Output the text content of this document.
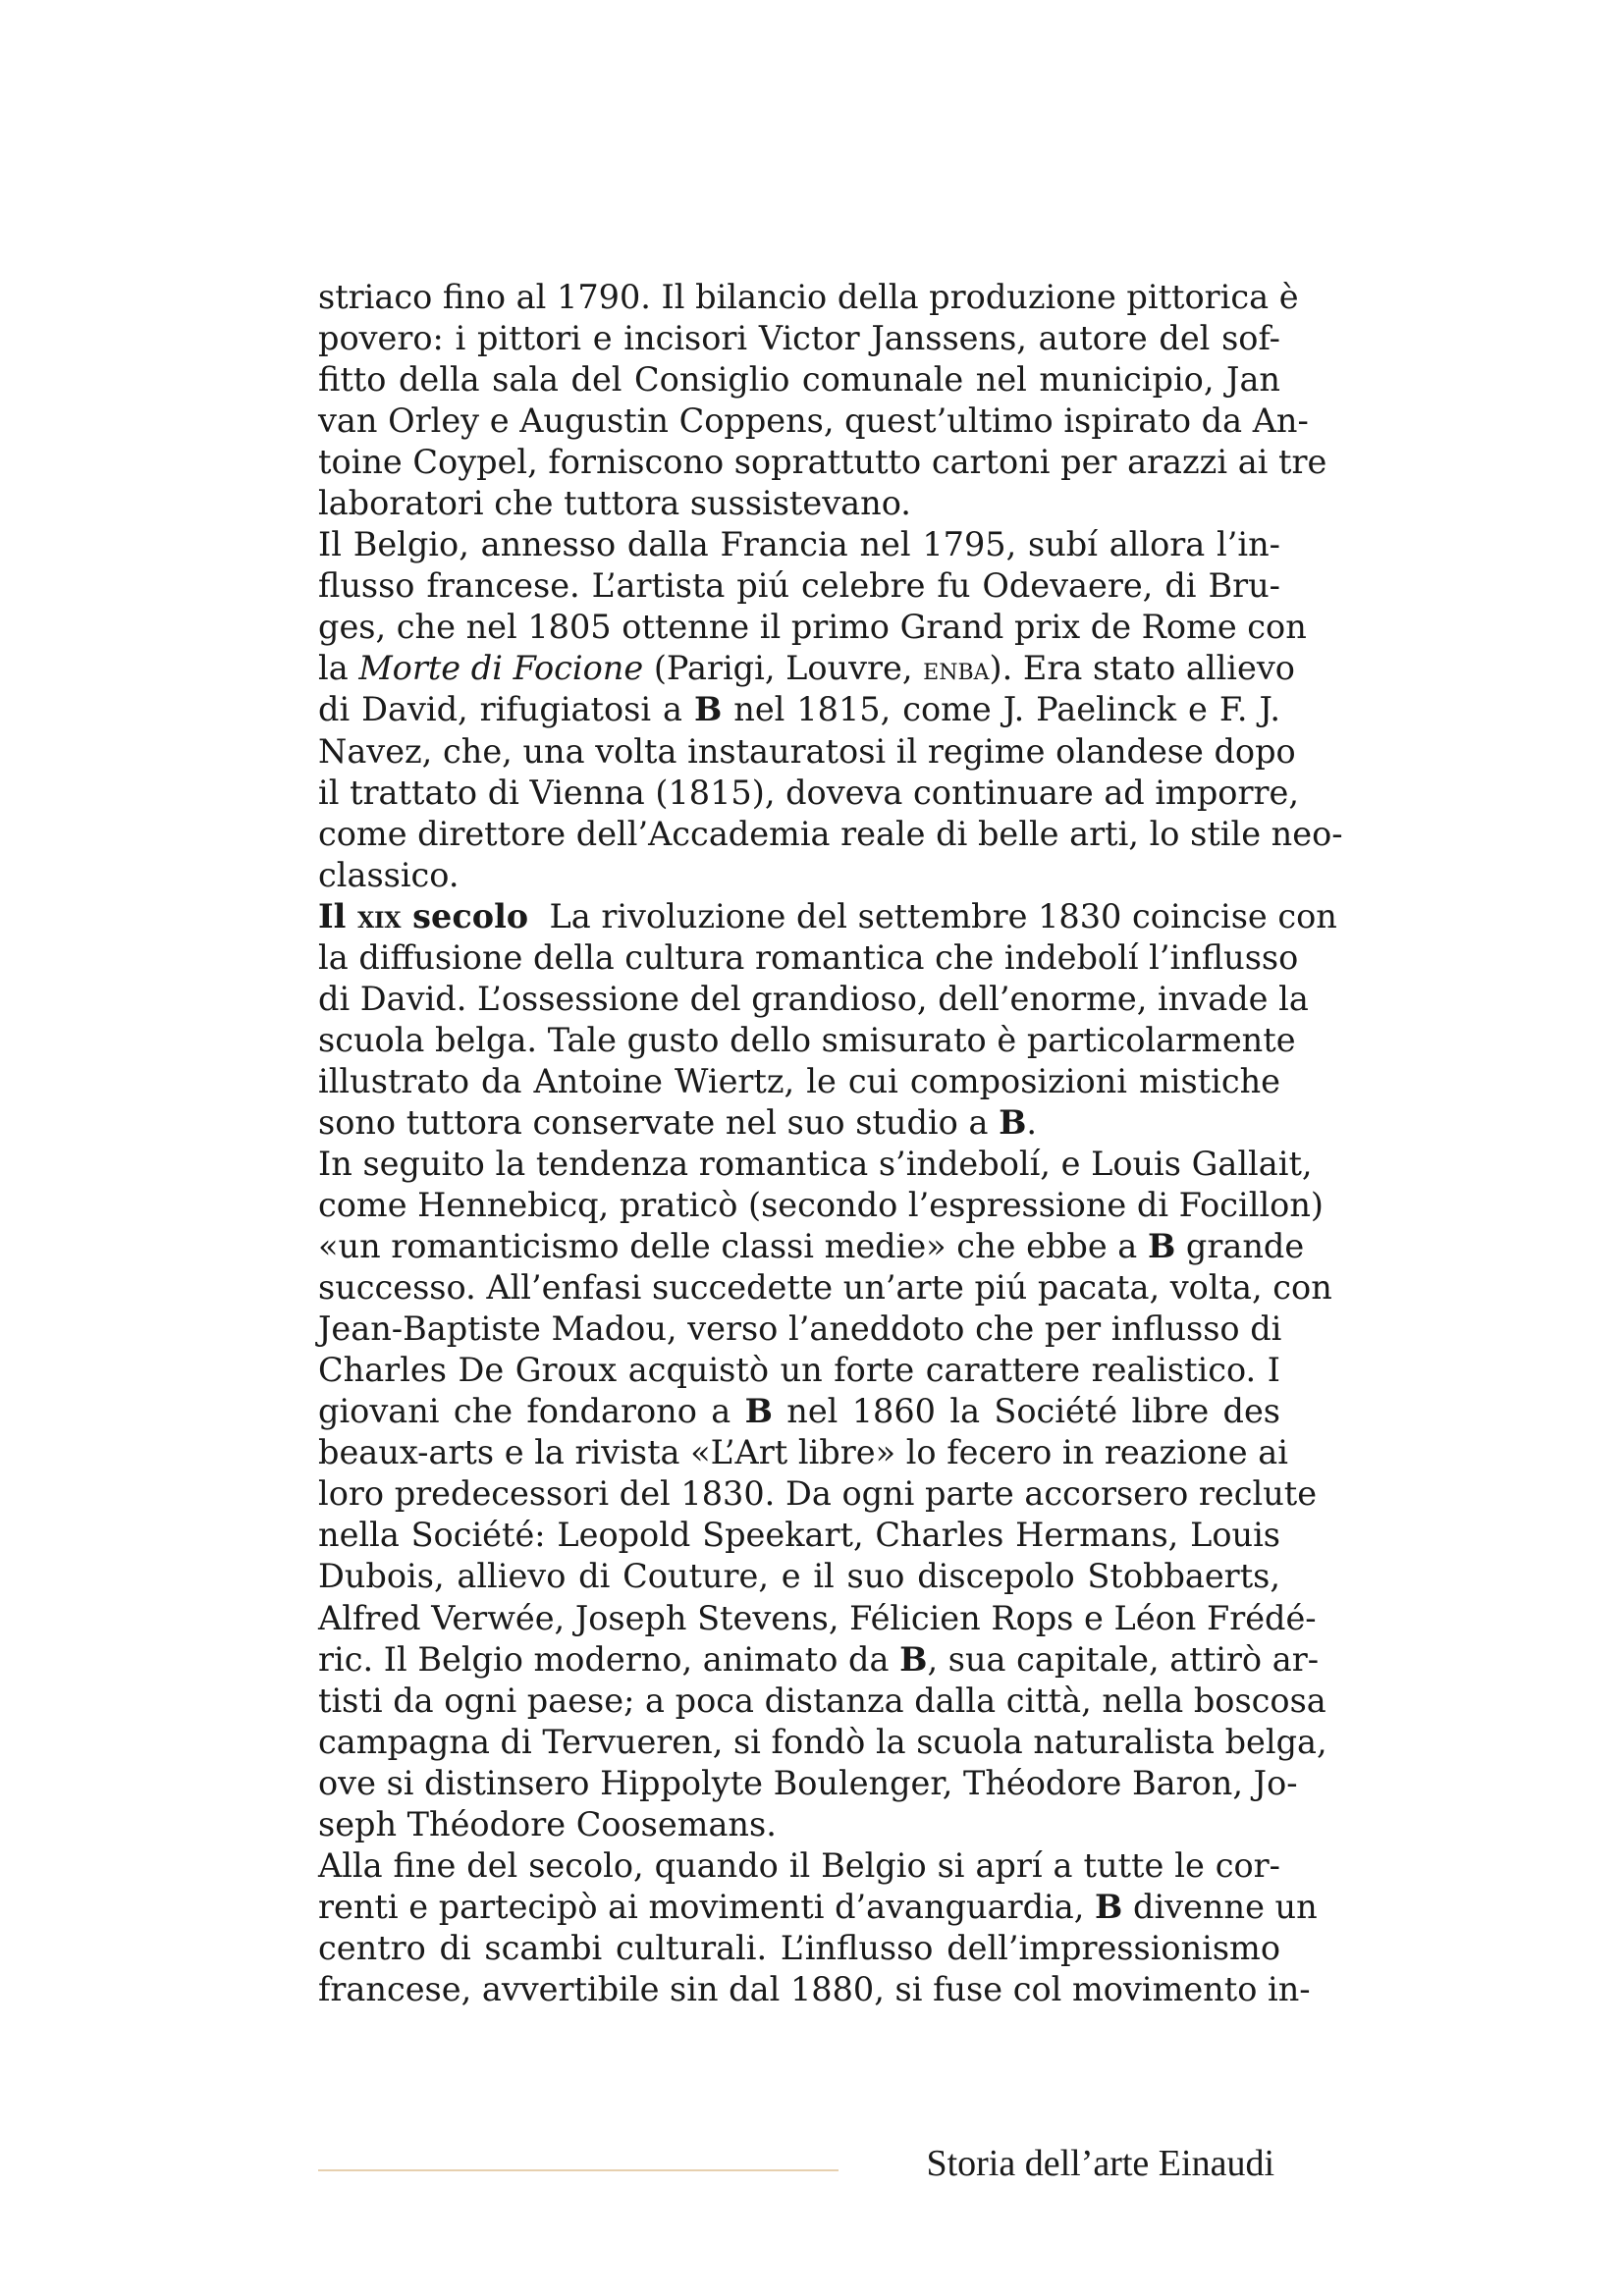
striaco fino al 1790. Il bilancio della produzione pittorica è
povero: i pittori e incisori Victor Janssens, autore del sof-
fitto della sala del Consiglio comunale nel municipio, Jan
van Orley e Augustin Coppens, quest’ultimo ispirato da An-
toine Coypel, forniscono soprattutto cartoni per arazzi ai tre
laboratori che tuttora sussistevano.
Il Belgio, annesso dalla Francia nel 1795, subí allora l’in-
flusso francese. L’artista piú celebre fu Odevaere, di Bru-
ges, che nel 1805 ottenne il primo Grand prix de Rome con
la Morte di Focione (Parigi, Louvre, enba). Era stato allievo
di David, rifugiatosi a B nel 1815, come J. Paelinck e F. J.
Navez, che, una volta instauratosi il regime olandese dopo
il trattato di Vienna (1815), doveva continuare ad imporre,
come direttore dell’Accademia reale di belle arti, lo stile neo-
classico.
Il xix secolo  La rivoluzione del settembre 1830 coincise con
la diffusione della cultura romantica che indebolí l’influsso
di David. L’ossessione del grandioso, dell’enorme, invade la
scuola belga. Tale gusto dello smisurato è particolarmente
illustrato da Antoine Wiertz, le cui composizioni mistiche
sono tuttora conservate nel suo studio a B.
In seguito la tendenza romantica s’indebolí, e Louis Gallait,
come Hennebicq, praticò (secondo l’espressione di Focillon)
«un romanticismo delle classi medie» che ebbe a B grande
successo. All’enfasi succedette un’arte piú pacata, volta, con
Jean-Baptiste Madou, verso l’aneddoto che per influsso di
Charles De Groux acquistò un forte carattere realistico. I
giovani che fondarono a B nel 1860 la Société libre des
beaux-arts e la rivista «L’Art libre» lo fecero in reazione ai
loro predecessori del 1830. Da ogni parte accorsero reclute
nella Société: Leopold Speekart, Charles Hermans, Louis
Dubois, allievo di Couture, e il suo discepolo Stobbaerts,
Alfred Verwée, Joseph Stevens, Félicien Rops e Léon Frédé-
ric. Il Belgio moderno, animato da B, sua capitale, attirò ar-
tisti da ogni paese; a poca distanza dalla città, nella boscosa
campagna di Tervueren, si fondò la scuola naturalista belga,
ove si distinsero Hippolyte Boulenger, Théodore Baron, Jo-
seph Théodore Coosemans.
Alla fine del secolo, quando il Belgio si aprí a tutte le cor-
renti e partecipò ai movimenti d’avanguardia, B divenne un
centro di scambi culturali. L’influsso dell’impressionismo
francese, avvertibile sin dal 1880, si fuse col movimento in-
Storia dell’arte Einaudi
